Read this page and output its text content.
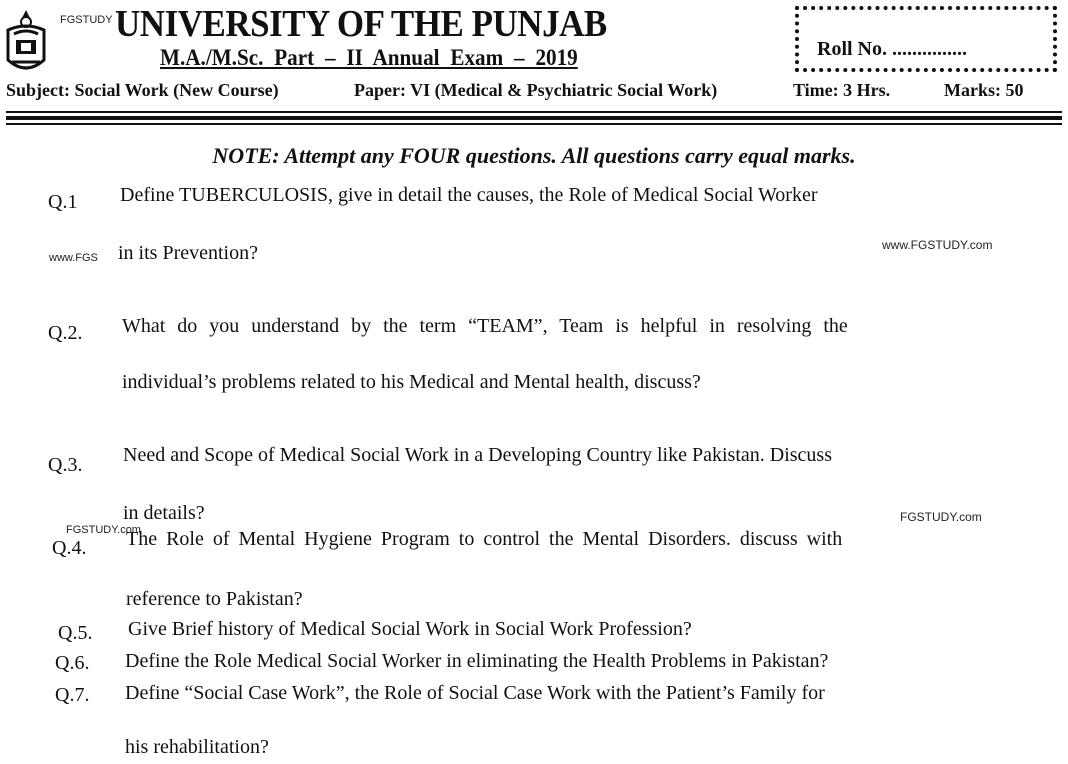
FGSTUDY UNIVERSITY OF THE PUNJAB
M.A./M.Sc. Part – II Annual Exam – 2019	Roll No. ...............
Subject: Social Work (New Course)	Paper: VI (Medical & Psychiatric Social Work)	Time: 3 Hrs.	Marks: 50
NOTE: Attempt any FOUR questions. All questions carry equal marks.
Q.1 Define TUBERCULOSIS, give in detail the causes, the Role of Medical Social Worker
www.FGS in its Prevention?	www.FGSTUDY.com
Q.2. What do you understand by the term “TEAM”, Team is helpful in resolving the
individual’s problems related to his Medical and Mental health, discuss?
Q.3. Need and Scope of Medical Social Work in a Developing Country like Pakistan. Discuss
in details?	FGSTUDY.com
FGSTUDY.com
Q.4. The Role of Mental Hygiene Program to control the Mental Disorders. discuss with
reference to Pakistan?
Q.5. Give Brief history of Medical Social Work in Social Work Profession?
Q.6. Define the Role Medical Social Worker in eliminating the Health Problems in Pakistan?
Q.7. Define “Social Case Work”, the Role of Social Case Work with the Patient’s Family for
his rehabilitation?
